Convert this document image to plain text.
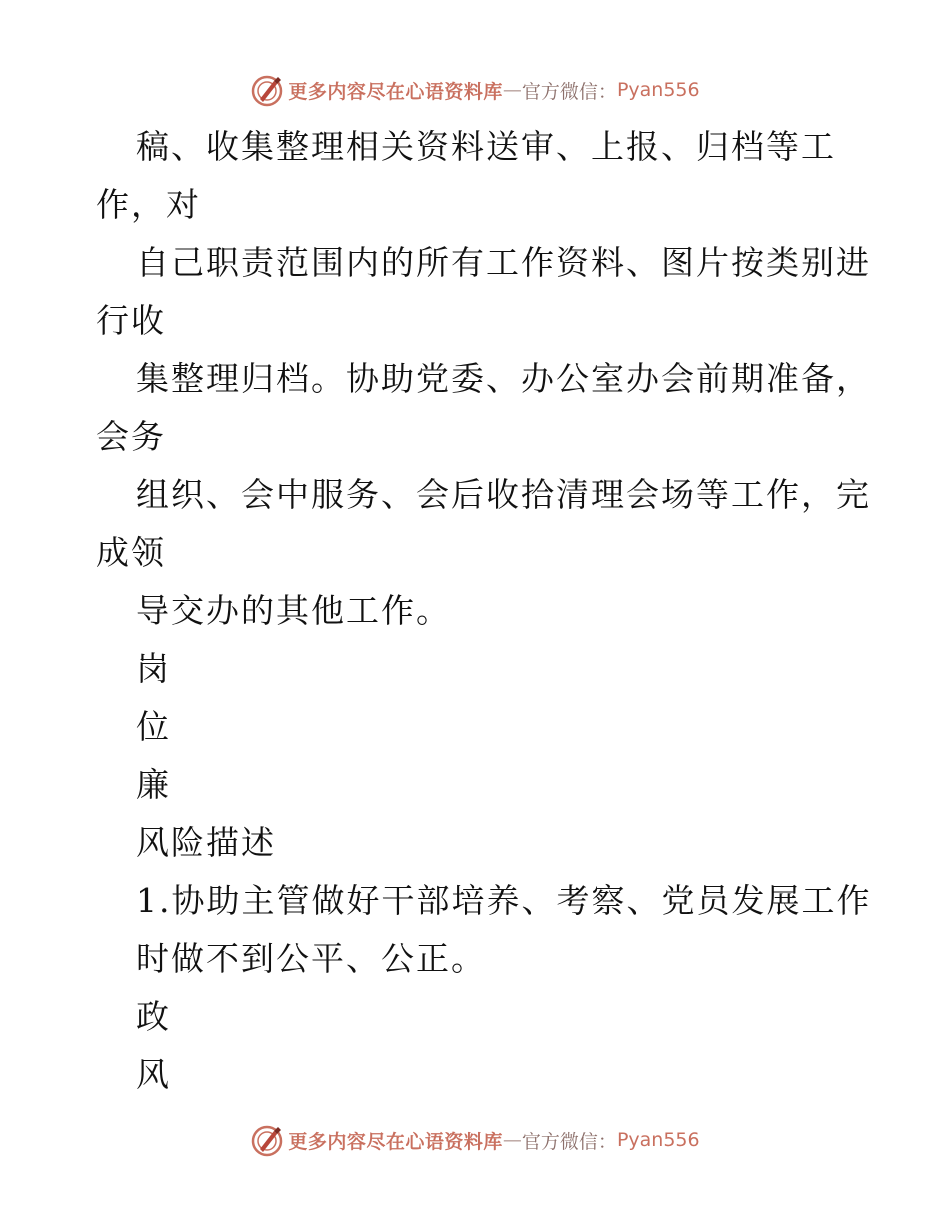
更多内容尽在心语资料库 — 官方微信： Pyan556
稿、收集整理相关资料送审、上报、归档等工
作，对
自己职责范围内的所有工作资料、图片按类别进
行收
集整理归档。协助党委、办公室办会前期准备，
会务
组织、会中服务、会后收拾清理会场等工作，完
成领
导交办的其他工作。
岗
位
廉
风险描述
1.协助主管做好干部培养、考察、党员发展工作
时做不到公平、公正。
政
风
更多内容尽在心语资料库 — 官方微信： Pyan556
